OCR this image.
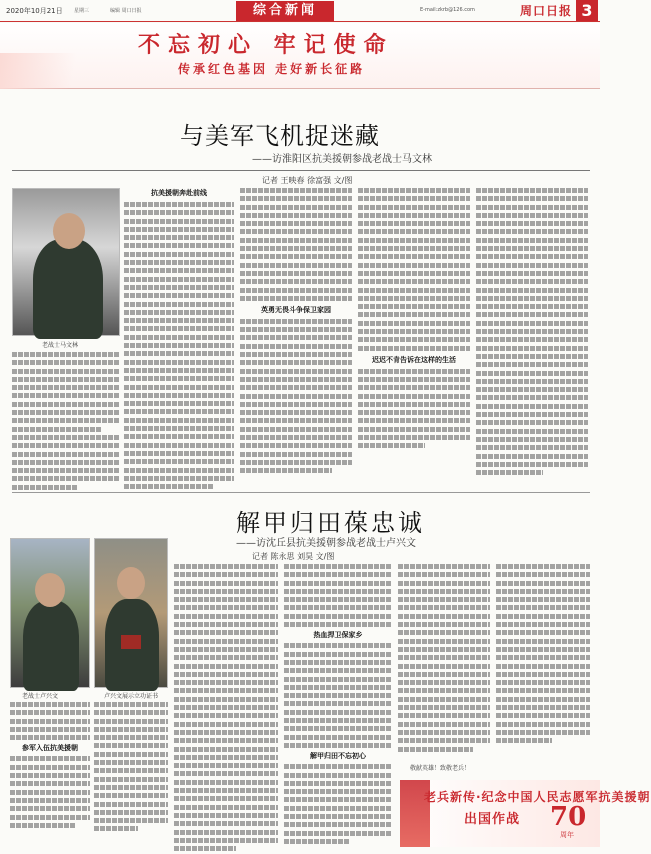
2020年10月21日 星期三	编辑 周口日报	综合新闻	E-mail:zkrb@126.com	周口日报 3
不忘初心 牢记使命
传承红色基因 走好新长征路
与美军飞机捉迷藏
——访淮阳区抗美援朝参战老战士马文林
记者 王映春 徐富强 文/图
老战士马文林
抗美援朝奔赴前线
英勇无畏斗争保卫家园
迟迟不肯告诉在这样的生活
解甲归田葆忠诚
——访沈丘县抗美援朝参战老战士卢兴文
记者 陈永思 刘昊 文/图
老战士卢兴文	卢兴文展示立功证书
参军入伍抗美援朝
热血捍卫保家乡
解甲归田不忘初心
敬献英雄！致敬老兵！
老兵新传·纪念中国人民志愿军抗美援朝
出国作战 70
周年
